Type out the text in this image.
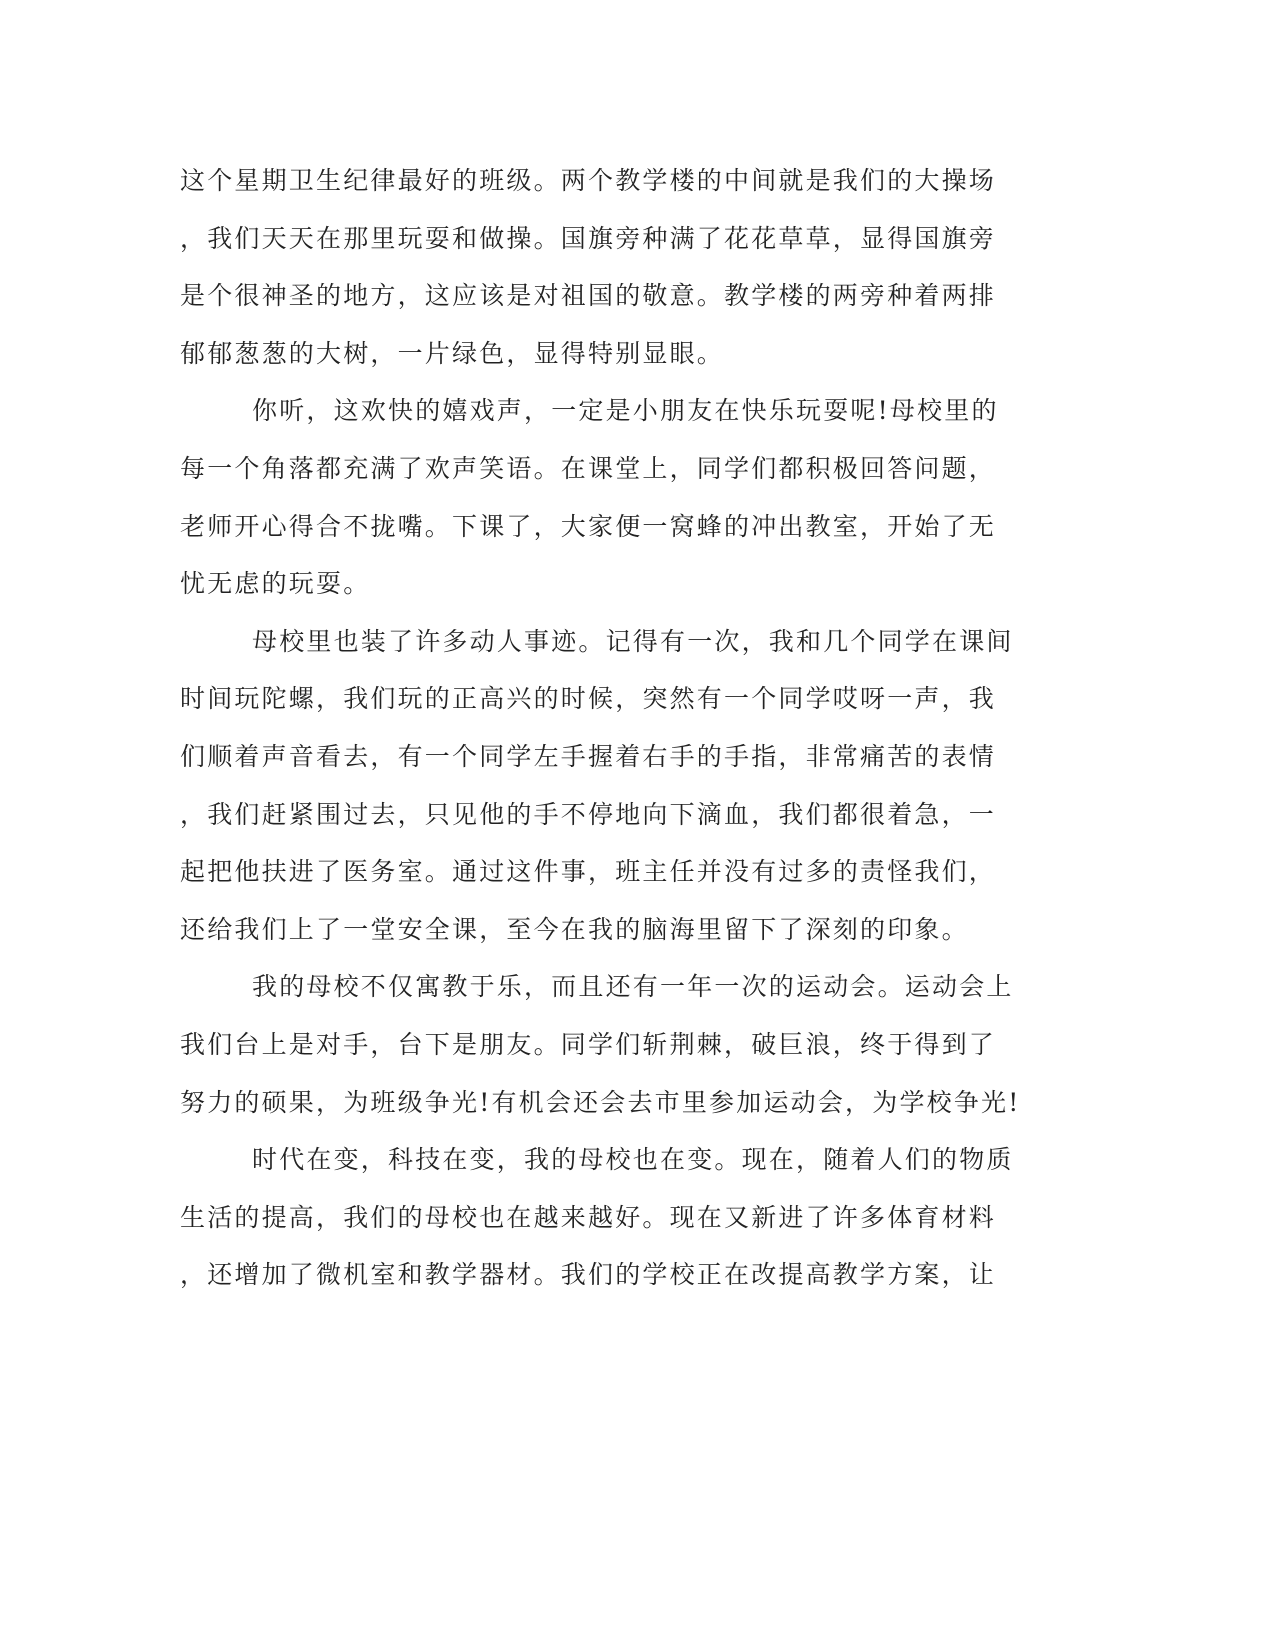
这个星期卫生纪律最好的班级。两个教学楼的中间就是我们的大操场
，我们天天在那里玩耍和做操。国旗旁种满了花花草草，显得国旗旁
是个很神圣的地方，这应该是对祖国的敬意。教学楼的两旁种着两排
郁郁葱葱的大树，一片绿色，显得特别显眼。
你听，这欢快的嬉戏声，一定是小朋友在快乐玩耍呢!母校里的
每一个角落都充满了欢声笑语。在课堂上，同学们都积极回答问题，
老师开心得合不拢嘴。下课了，大家便一窝蜂的冲出教室，开始了无
忧无虑的玩耍。
母校里也装了许多动人事迹。记得有一次，我和几个同学在课间
时间玩陀螺，我们玩的正高兴的时候，突然有一个同学哎呀一声，我
们顺着声音看去，有一个同学左手握着右手的手指，非常痛苦的表情
，我们赶紧围过去，只见他的手不停地向下滴血，我们都很着急，一
起把他扶进了医务室。通过这件事，班主任并没有过多的责怪我们，
还给我们上了一堂安全课，至今在我的脑海里留下了深刻的印象。
我的母校不仅寓教于乐，而且还有一年一次的运动会。运动会上
我们台上是对手，台下是朋友。同学们斩荆棘，破巨浪，终于得到了
努力的硕果，为班级争光!有机会还会去市里参加运动会，为学校争光!
时代在变，科技在变，我的母校也在变。现在，随着人们的物质
生活的提高，我们的母校也在越来越好。现在又新进了许多体育材料
，还增加了微机室和教学器材。我们的学校正在改提高教学方案，让
